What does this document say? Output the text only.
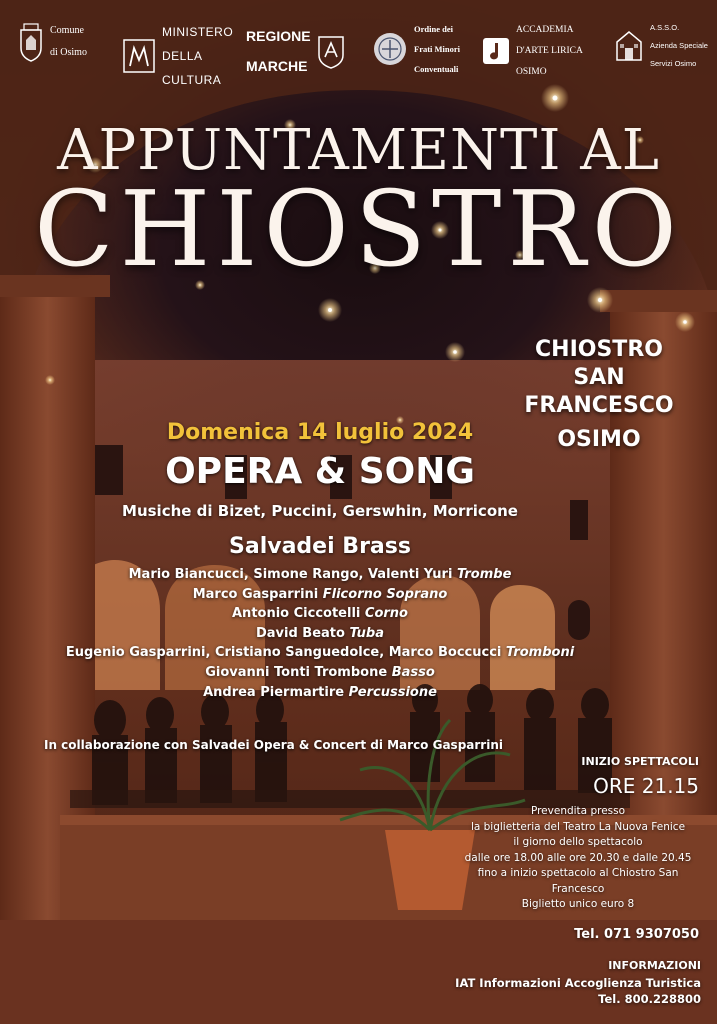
Comune

di Osimo

MINISTERO

DELLA

CULTURA

REGIONE

MARCHE

Ordine dei

Frati Minori

Conventuali

ACCADEMIA

D'ARTE LIRICA

OSIMO

A.S.S.O.

Azienda Speciale

Servizi Osimo

APPUNTAMENTI AL
CHIOSTRO
CHIOSTRO
SAN
FRANCESCO
OSIMO
Domenica 14 luglio 2024
OPERA & SONG
Musiche di Bizet, Puccini, Gerswhin, Morricone
Salvadei Brass
Mario Biancucci, Simone Rango, Valenti Yuri Trombe
Marco Gasparrini Flicorno Soprano
Antonio Ciccotelli Corno
David Beato Tuba
Eugenio Gasparrini, Cristiano Sanguedolce, Marco Boccucci Tromboni
Giovanni Tonti Trombone Basso
Andrea Piermartire Percussione
In collaborazione con Salvadei Opera & Concert di Marco Gasparrini
INIZIO SPETTACOLI
ORE 21.15
Prevendita presso
la biglietteria del Teatro La Nuova Fenice
il giorno dello spettacolo
dalle ore 18.00 alle ore 20.30 e dalle 20.45
fino a inizio spettacolo al Chiostro San Francesco
Biglietto unico euro 8
Tel. 071 9307050
INFORMAZIONI
IAT Informazioni Accoglienza Turistica
Tel. 800.228800
